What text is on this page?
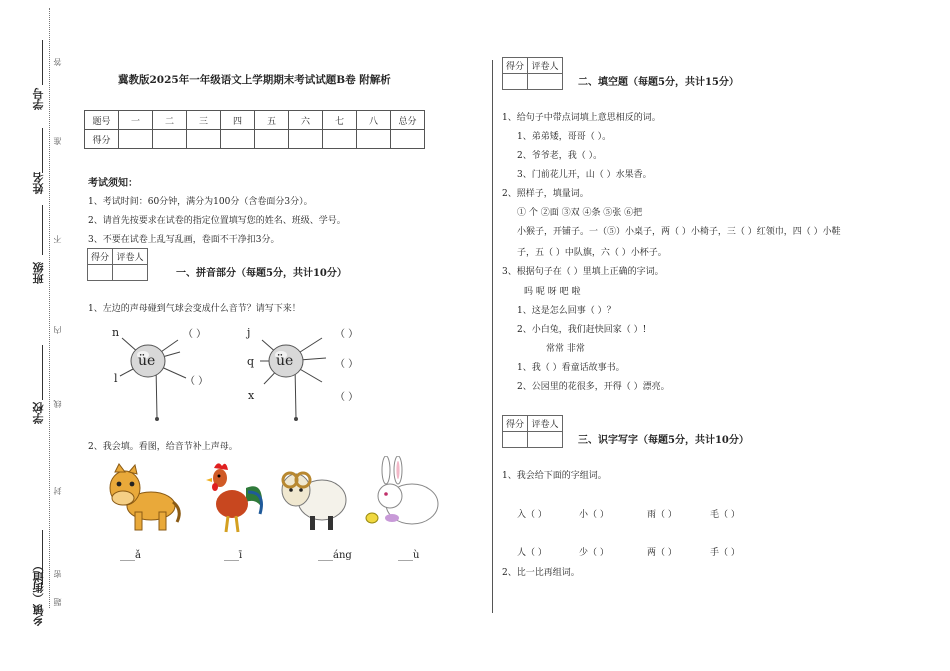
学号
姓名
班级
学校
乡镇（街道）
答
准
不
内
线
封
密
题
冀教版2025年一年级语文上学期期末考试试题B卷 附解析
题号	一	二	三	四	五	六	七	八	总分
得分									
考试须知：
1、考试时间：60分钟，满分为100分（含卷面分3分）。
2、请首先按要求在试卷的指定位置填写您的姓名、班级、学号。
3、不要在试卷上乱写乱画，卷面不干净扣3分。
得分	评卷人

一、拼音部分（每题5分，共计10分）
1、左边的声母碰到气球会变成什么音节？请写下来！
üe
n
l
（ ）
（ ）
üe
j
q
x
（ ）
（ ）
（ ）
2、我会填。看图，给音节补上声母。
___ǎ	___ī	___áng	___ù
得分	评卷人

二、填空题（每题5分，共计15分）
1、给句子中带点词填上意思相反的词。
1、弟弟矮，哥哥（ ）。
2、爷爷老，我（ ）。
3、门前花儿开，山（ ）水果香。
2、照样子，填量词。
① 个 ②面 ③双 ④条 ⑤张 ⑥把
小猴子，开铺子。一（⑤）小桌子，两（ ）小椅子，三（ ）红领巾，四（ ）小鞋
子，五（ ）中队旗，六（ ）小杯子。
3、根据句子在（ ）里填上正确的字词。
吗 呢 呀 吧 啦
1、这是怎么回事（ ）？
2、小白兔，我们赶快回家（ ）!
常常 非常
1、我（ ）看童话故事书。
2、公园里的花很多，开得（ ）漂亮。
得分	评卷人

三、识字写字（每题5分，共计10分）
1、我会给下面的字组词。
入（ ）	小（ ）	雨（ ）	毛（ ）
人（ ）	少（ ）	两（ ）	手（ ）
2、比一比再组词。
